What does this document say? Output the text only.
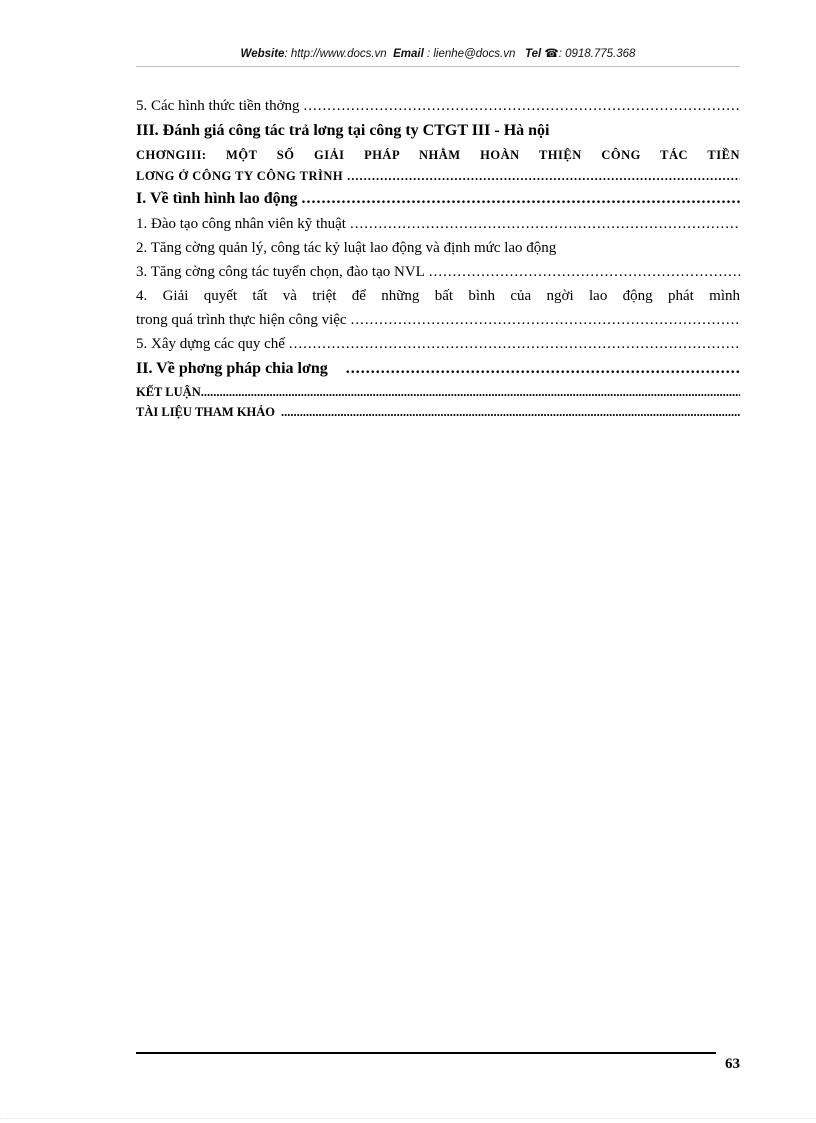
Website: http://www.docs.vn Email : lienhe@docs.vn Tel ☎: 0918.775.368
5. Các hình thức tiền thởng
.....
III. Đánh giá công tác trả lơng tại công ty CTGT III - Hà nội
CHƠNGIII: MỘT SỐ GIẢI PHÁP NHẰM HOÀN THIỆN CÔNG TÁC TIỀN
LƠNG Ở CÔNG TY CÔNG TRÌNH
.....
I. Về tình hình lao động
.....
1. Đào tạo công nhân viên kỹ thuật
.....
2. Tăng cờng quản lý, công tác kỷ luật lao động và định mức lao động
3. Tăng cờng công tác tuyển chọn, đào tạo NVL
.....
4. Giải quyết tất và triệt để những bất bình của ngời lao động phát mình
trong quá trình thực hiện công việc
.....
5. Xây dựng các quy chế
.....
II. Về phơng pháp chia lơng
.....
KẾT LUẬN
.....
TÀI LIỆU THAM KHẢO
.....
63
